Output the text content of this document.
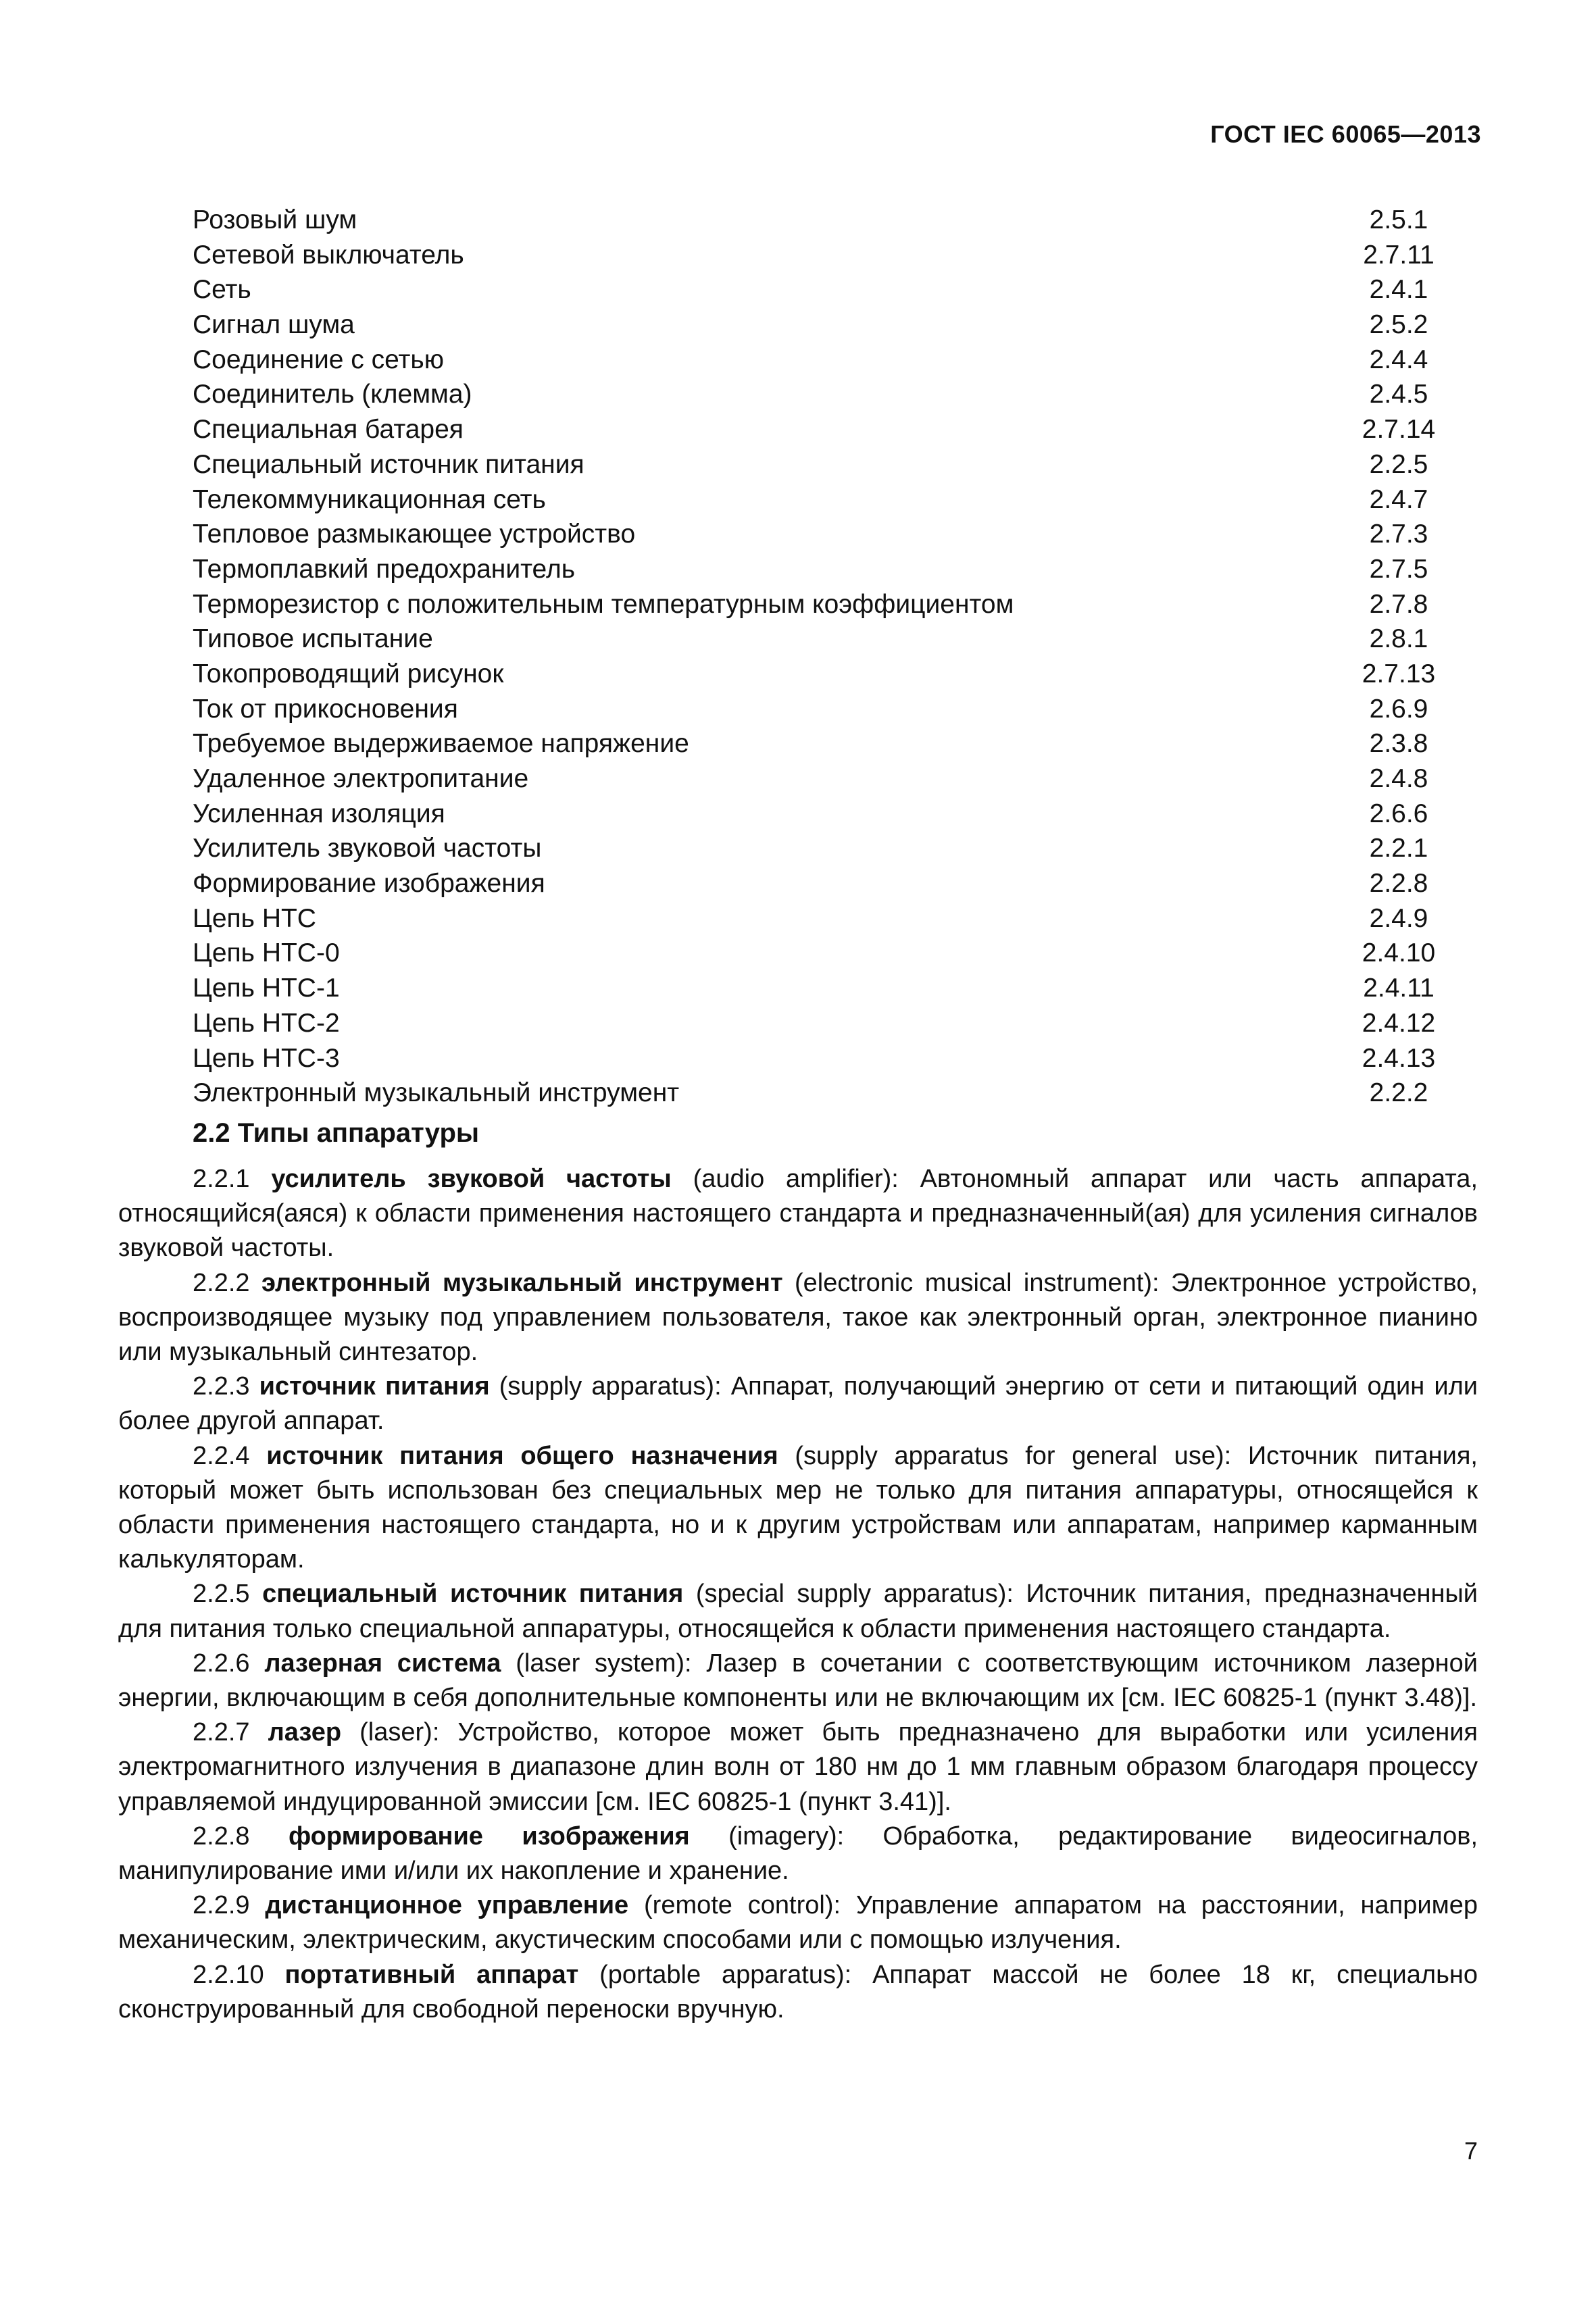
ГОСТ IEC 60065—2013
Розовый шум	2.5.1
Сетевой выключатель	2.7.11
Сеть	2.4.1
Сигнал шума	2.5.2
Соединение с сетью	2.4.4
Соединитель (клемма)	2.4.5
Специальная батарея	2.7.14
Специальный источник питания	2.2.5
Телекоммуникационная сеть	2.4.7
Тепловое размыкающее устройство	2.7.3
Термоплавкий предохранитель	2.7.5
Терморезистор с положительным температурным коэффициентом	2.7.8
Типовое испытание	2.8.1
Токопроводящий рисунок	2.7.13
Ток от прикосновения	2.6.9
Требуемое выдерживаемое напряжение	2.3.8
Удаленное электропитание	2.4.8
Усиленная изоляция	2.6.6
Усилитель звуковой частоты	2.2.1
Формирование изображения	2.2.8
Цепь НТС	2.4.9
Цепь НТС-0	2.4.10
Цепь НТС-1	2.4.11
Цепь НТС-2	2.4.12
Цепь НТС-3	2.4.13
Электронный музыкальный инструмент	2.2.2
2.2 Типы аппаратуры

2.2.1 усилитель звуковой частоты (audio amplifier): Автономный аппарат или часть аппарата, относящийся(аяся) к области применения настоящего стандарта и предназначенный(ая) для усиления сигналов звуковой частоты.

2.2.2 электронный музыкальный инструмент (electronic musical instrument): Электронное устройство, воспроизводящее музыку под управлением пользователя, такое как электронный орган, электронное пианино или музыкальный синтезатор.

2.2.3 источник питания (supply apparatus): Аппарат, получающий энергию от сети и питающий один или более другой аппарат.

2.2.4 источник питания общего назначения (supply apparatus for general use): Источник питания, который может быть использован без специальных мер не только для питания аппаратуры, относящейся к области применения настоящего стандарта, но и к другим устройствам или аппаратам, например карманным калькуляторам.

2.2.5 специальный источник питания (special supply apparatus): Источник питания, предназначенный для питания только специальной аппаратуры, относящейся к области применения настоящего стандарта.

2.2.6 лазерная система (laser system): Лазер в сочетании с соответствующим источником лазерной энергии, включающим в себя дополнительные компоненты или не включающим их [см. IEC 60825-1 (пункт 3.48)].

2.2.7 лазер (laser): Устройство, которое может быть предназначено для выработки или усиления электромагнитного излучения в диапазоне длин волн от 180 нм до 1 мм главным образом благодаря процессу управляемой индуцированной эмиссии [см. IEC 60825-1 (пункт 3.41)].

2.2.8 формирование изображения (imagery): Обработка, редактирование видеосигналов, манипулирование ими и/или их накопление и хранение.

2.2.9 дистанционное управление (remote control): Управление аппаратом на расстоянии, например механическим, электрическим, акустическим способами или с помощью излучения.

2.2.10 портативный аппарат (portable apparatus): Аппарат массой не более 18 кг, специально сконструированный для свободной переноски вручную.

7
